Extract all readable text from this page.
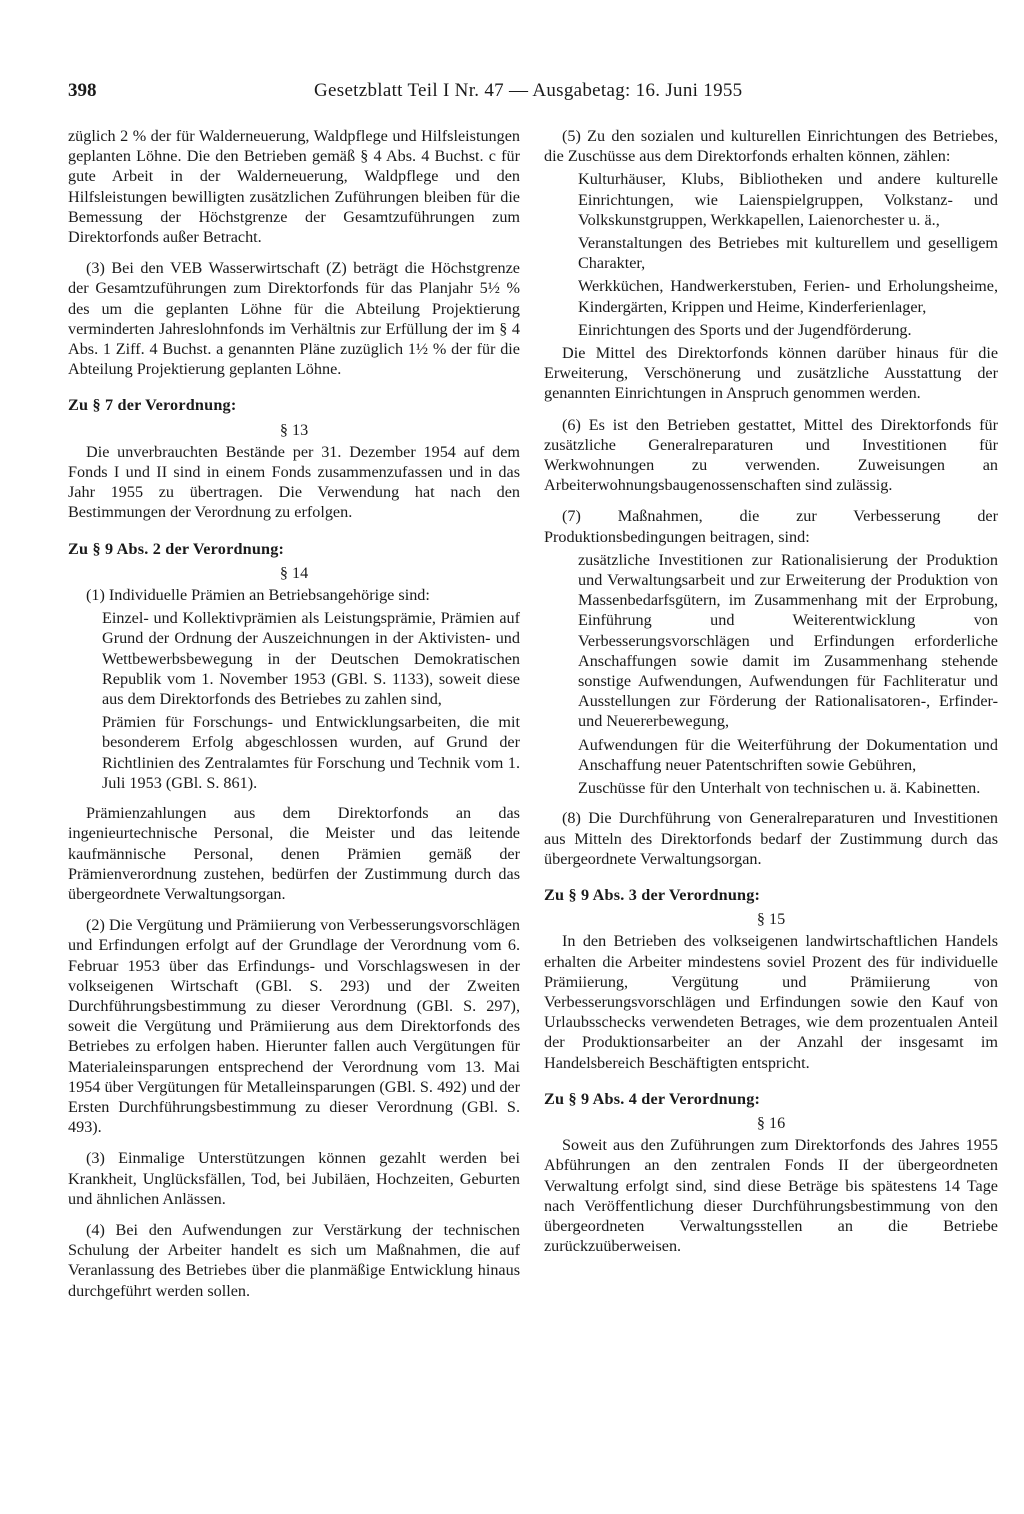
398	Gesetzblatt Teil I Nr. 47 — Ausgabetag: 16. Juni 1955

züglich 2 % der für Walderneuerung, Waldpflege und Hilfsleistungen geplanten Löhne. Die den Betrieben gemäß § 4 Abs. 4 Buchst. c für gute Arbeit in der Walderneuerung, Waldpflege und den Hilfsleistungen bewilligten zusätzlichen Zuführungen bleiben für die Bemessung der Höchstgrenze der Gesamtzuführungen zum Direktorfonds außer Betracht.

(3) Bei den VEB Wasserwirtschaft (Z) beträgt die Höchstgrenze der Gesamtzuführungen zum Direktorfonds für das Planjahr 5½ % des um die geplanten Löhne für die Abteilung Projektierung verminderten Jahreslohnfonds im Verhältnis zur Erfüllung der im § 4 Abs. 1 Ziff. 4 Buchst. a genannten Pläne zuzüglich 1½ % der für die Abteilung Projektierung geplanten Löhne.

Zu § 7 der Verordnung:
§ 13

Die unverbrauchten Bestände per 31. Dezember 1954 auf dem Fonds I und II sind in einem Fonds zusammenzufassen und in das Jahr 1955 zu übertragen. Die Verwendung hat nach den Bestimmungen der Verordnung zu erfolgen.

Zu § 9 Abs. 2 der Verordnung:
§ 14

(1) Individuelle Prämien an Betriebsangehörige sind:

Einzel- und Kollektivprämien als Leistungsprämie, Prämien auf Grund der Ordnung der Auszeichnungen in der Aktivisten- und Wettbewerbsbewegung in der Deutschen Demokratischen Republik vom 1. November 1953 (GBl. S. 1133), soweit diese aus dem Direktorfonds des Betriebes zu zahlen sind,
Prämien für Forschungs- und Entwicklungsarbeiten, die mit besonderem Erfolg abgeschlossen wurden, auf Grund der Richtlinien des Zentralamtes für Forschung und Technik vom 1. Juli 1953 (GBl. S. 861).

Prämienzahlungen aus dem Direktorfonds an das ingenieurtechnische Personal, die Meister und das leitende kaufmännische Personal, denen Prämien gemäß der Prämienverordnung zustehen, bedürfen der Zustimmung durch das übergeordnete Verwaltungsorgan.

(2) Die Vergütung und Prämiierung von Verbesserungsvorschlägen und Erfindungen erfolgt auf der Grundlage der Verordnung vom 6. Februar 1953 über das Erfindungs- und Vorschlagswesen in der volkseigenen Wirtschaft (GBl. S. 293) und der Zweiten Durchführungsbestimmung zu dieser Verordnung (GBl. S. 297), soweit die Vergütung und Prämiierung aus dem Direktorfonds des Betriebes zu erfolgen haben. Hierunter fallen auch Vergütungen für Materialeinsparungen entsprechend der Verordnung vom 13. Mai 1954 über Vergütungen für Metalleinsparungen (GBl. S. 492) und der Ersten Durchführungsbestimmung zu dieser Verordnung (GBl. S. 493).

(3) Einmalige Unterstützungen können gezahlt werden bei Krankheit, Unglücksfällen, Tod, bei Jubiläen, Hochzeiten, Geburten und ähnlichen Anlässen.

(4) Bei den Aufwendungen zur Verstärkung der technischen Schulung der Arbeiter handelt es sich um Maßnahmen, die auf Veranlassung des Betriebes über die planmäßige Entwicklung hinaus durchgeführt werden sollen.

(5) Zu den sozialen und kulturellen Einrichtungen des Betriebes, die Zuschüsse aus dem Direktorfonds erhalten können, zählen:

Kulturhäuser, Klubs, Bibliotheken und andere kulturelle Einrichtungen, wie Laienspielgruppen, Volkstanz- und Volkskunstgruppen, Werkkapellen, Laienorchester u. ä.,
Veranstaltungen des Betriebes mit kulturellem und geselligem Charakter,
Werkküchen, Handwerkerstuben, Ferien- und Erholungsheime, Kindergärten, Krippen und Heime, Kinderferienlager,
Einrichtungen des Sports und der Jugendförderung.

Die Mittel des Direktorfonds können darüber hinaus für die Erweiterung, Verschönerung und zusätzliche Ausstattung der genannten Einrichtungen in Anspruch genommen werden.

(6) Es ist den Betrieben gestattet, Mittel des Direktorfonds für zusätzliche Generalreparaturen und Investitionen für Werkwohnungen zu verwenden. Zuweisungen an Arbeiterwohnungsbaugenossenschaften sind zulässig.

(7) Maßnahmen, die zur Verbesserung der Produktionsbedingungen beitragen, sind:

zusätzliche Investitionen zur Rationalisierung der Produktion und Verwaltungsarbeit und zur Erweiterung der Produktion von Massenbedarfsgütern, im Zusammenhang mit der Erprobung, Einführung und Weiterentwicklung von Verbesserungsvorschlägen und Erfindungen erforderliche Anschaffungen sowie damit im Zusammenhang stehende sonstige Aufwendungen, Aufwendungen für Fachliteratur und Ausstellungen zur Förderung der Rationalisatoren-, Erfinder- und Neuererbewegung,
Aufwendungen für die Weiterführung der Dokumentation und Anschaffung neuer Patentschriften sowie Gebühren,
Zuschüsse für den Unterhalt von technischen u. ä. Kabinetten.

(8) Die Durchführung von Generalreparaturen und Investitionen aus Mitteln des Direktorfonds bedarf der Zustimmung durch das übergeordnete Verwaltungsorgan.

Zu § 9 Abs. 3 der Verordnung:
§ 15

In den Betrieben des volkseigenen landwirtschaftlichen Handels erhalten die Arbeiter mindestens soviel Prozent des für individuelle Prämiierung, Vergütung und Prämiierung von Verbesserungsvorschlägen und Erfindungen sowie den Kauf von Urlaubsschecks verwendeten Betrages, wie dem prozentualen Anteil der Produktionsarbeiter an der Anzahl der insgesamt im Handelsbereich Beschäftigten entspricht.

Zu § 9 Abs. 4 der Verordnung:
§ 16

Soweit aus den Zuführungen zum Direktorfonds des Jahres 1955 Abführungen an den zentralen Fonds II der übergeordneten Verwaltung erfolgt sind, sind diese Beträge bis spätestens 14 Tage nach Veröffentlichung dieser Durchführungsbestimmung von den übergeordneten Verwaltungsstellen an die Betriebe zurückzuüberweisen.
